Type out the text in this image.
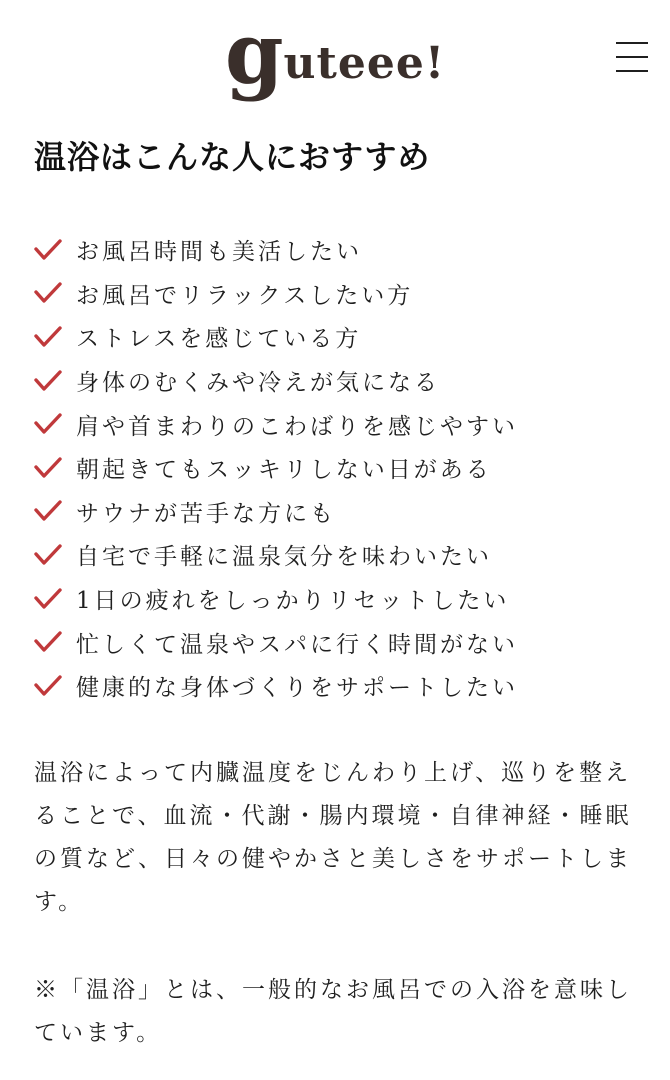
guteee!
温浴はこんな人におすすめ
お風呂時間も美活したい
お風呂でリラックスしたい方
ストレスを感じている方
身体のむくみや冷えが気になる
肩や首まわりのこわばりを感じやすい
朝起きてもスッキリしない日がある
サウナが苦手な方にも
自宅で手軽に温泉気分を味わいたい
1日の疲れをしっかりリセットしたい
忙しくて温泉やスパに行く時間がない
健康的な身体づくりをサポートしたい

温浴によって内臓温度をじんわり上げ、巡りを整えることで、血流・代謝・腸内環境・自律神経・睡眠の質など、日々の健やかさと美しさをサポートします。

※「温浴」とは、一般的なお風呂での入浴を意味しています。
